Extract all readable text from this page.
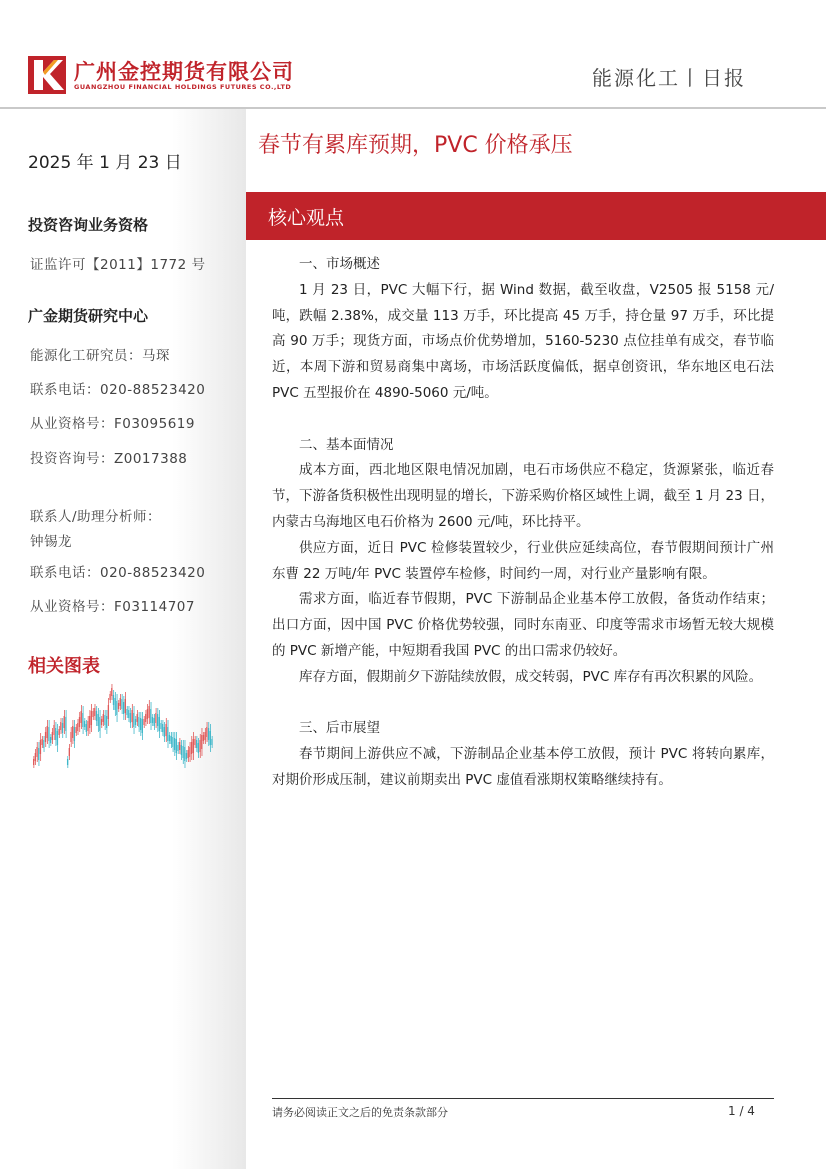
广州金控期货有限公司
GUANGZHOU FINANCIAL HOLDINGS FUTURES CO.,LTD	能源化工丨日报
2025 年 1 月 23 日
投资咨询业务资格
证监许可【2011】1772 号
广金期货研究中心
能源化工研究员：马琛
联系电话：020-88523420
从业资格号：F03095619
投资咨询号：Z0017388
联系人/助理分析师：
钟锡龙
联系电话：020-88523420
从业资格号：F03114707
相关图表
春节有累库预期，PVC 价格承压
核心观点

一、市场概述

1 月 23 日，PVC 大幅下行，据 Wind 数据，截至收盘，V2505 报 5158 元/吨，跌幅 2.38%，成交量 113 万手，环比提高 45 万手，持仓量 97 万手，环比提高 90 万手；现货方面，市场点价优势增加，5160-5230 点位挂单有成交，春节临近，本周下游和贸易商集中离场，市场活跃度偏低，据卓创资讯，华东地区电石法 PVC 五型报价在 4890-5060 元/吨。

二、基本面情况

成本方面，西北地区限电情况加剧，电石市场供应不稳定，货源紧张，临近春节，下游备货积极性出现明显的增长，下游采购价格区域性上调，截至 1 月 23 日，内蒙古乌海地区电石价格为 2600 元/吨，环比持平。

供应方面，近日 PVC 检修装置较少，行业供应延续高位，春节假期间预计广州东曹 22 万吨/年 PVC 装置停车检修，时间约一周，对行业产量影响有限。

需求方面，临近春节假期，PVC 下游制品企业基本停工放假，备货动作结束；出口方面，因中国 PVC 价格优势较强，同时东南亚、印度等需求市场暂无较大规模的 PVC 新增产能，中短期看我国 PVC 的出口需求仍较好。

库存方面，假期前夕下游陆续放假，成交转弱，PVC 库存有再次积累的风险。

三、后市展望

春节期间上游供应不减，下游制品企业基本停工放假，预计 PVC 将转向累库，对期价形成压制，建议前期卖出 PVC 虚值看涨期权策略继续持有。

请务必阅读正文之后的免责条款部分	1 / 4
